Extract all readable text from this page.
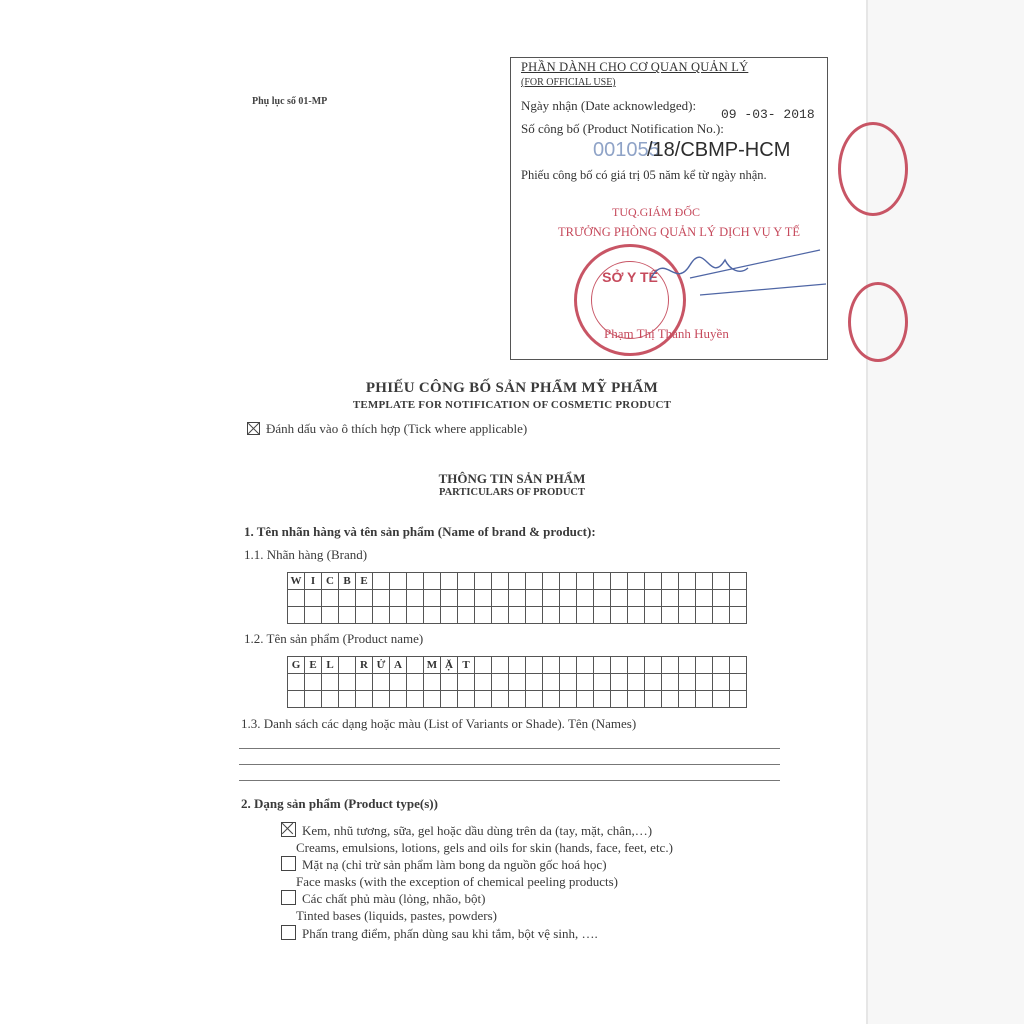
Phụ lục số 01-MP
PHẦN DÀNH CHO CƠ QUAN QUẢN LÝ
(FOR OFFICIAL USE)
Ngày nhận (Date acknowledged):
09 -03- 2018
Số công bố (Product Notification No.):
001055
/18/CBMP-HCM
Phiếu công bố có giá trị 05 năm kể từ ngày nhận.
TUQ.GIÁM ĐỐC
TRƯỞNG PHÒNG QUẢN LÝ DỊCH VỤ Y TẾ
SỞ Y TẾ
Phạm Thị Thanh Huyền
PHIẾU CÔNG BỐ SẢN PHẨM MỸ PHẨM
TEMPLATE FOR NOTIFICATION OF COSMETIC PRODUCT
Đánh dấu vào ô thích hợp (Tick where applicable)
THÔNG TIN SẢN PHẨM
PARTICULARS OF PRODUCT
1. Tên nhãn hàng và tên sản phẩm (Name of brand & product):
1.1. Nhãn hàng (Brand)
W	I	C	B	E																						

1.2. Tên sản phẩm (Product name)
G	E	L		R	Ử	A		M	Ặ	T																

1.3. Danh sách các dạng hoặc màu (List of Variants or Shade). Tên (Names)
2. Dạng sản phẩm (Product type(s))
Kem, nhũ tương, sữa, gel hoặc dầu dùng trên da (tay, mặt, chân,…)
Creams, emulsions, lotions, gels and oils for skin (hands, face, feet, etc.)
Mặt nạ (chỉ trừ sản phẩm làm bong da nguồn gốc hoá học)
Face masks (with the exception of chemical peeling products)
Các chất phủ màu (lỏng, nhão, bột)
Tinted bases (liquids, pastes, powders)
Phấn trang điểm, phấn dùng sau khi tắm, bột vệ sinh, ….
